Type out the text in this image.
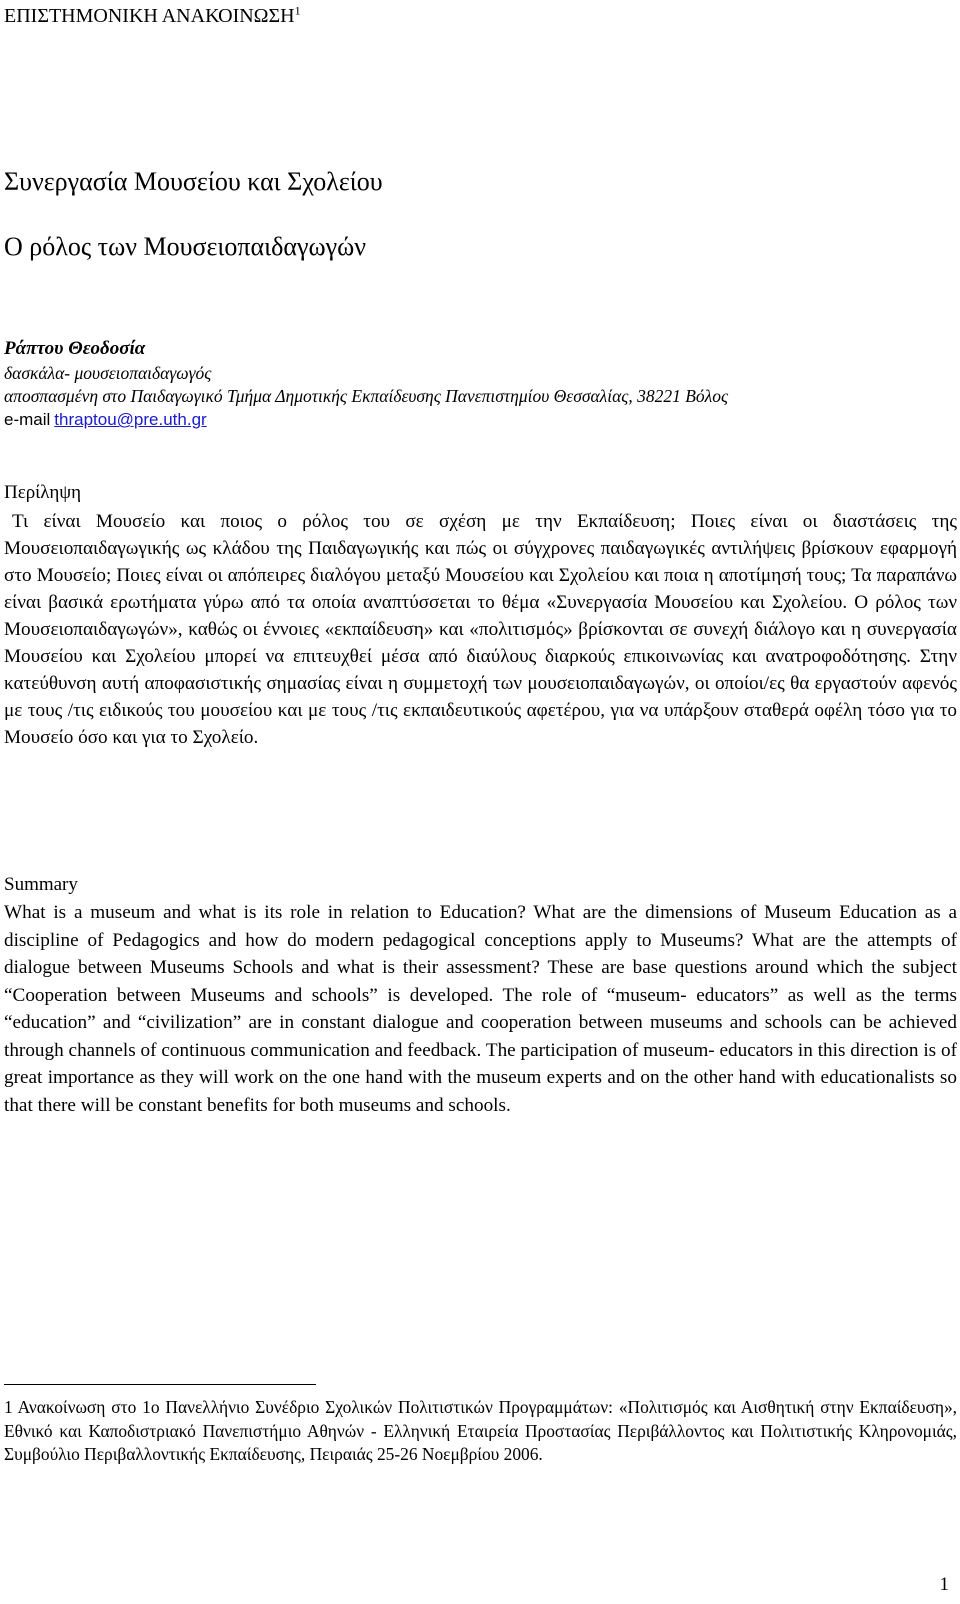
ΕΠΙΣΤΗΜΟΝΙΚΗ ΑΝΑΚΟΙΝΩΣΗ$^1$
Συνεργασία Μουσείου και Σχολείου
Ο ρόλος των Μουσειοπαιδαγωγών
Ράπτου Θεοδοσία
δασκάλα- μουσειοπαιδαγωγός
αποσπασμένη στο Παιδαγωγικό Τμήμα Δημοτικής Εκπαίδευσης Πανεπιστημίου Θεσσαλίας, 38221 Βόλος
e-mail thraptou@pre.uth.gr
Περίληψη
Τι είναι Μουσείο και ποιος ο ρόλος του σε σχέση με την Εκπαίδευση; Ποιες είναι οι διαστάσεις της Μουσειοπαιδαγωγικής ως κλάδου της Παιδαγωγικής και πώς οι σύγχρονες παιδαγωγικές αντιλήψεις βρίσκουν εφαρμογή στο Μουσείο; Ποιες είναι οι απόπειρες διαλόγου μεταξύ Μουσείου και Σχολείου και ποια η αποτίμησή τους; Τα παραπάνω είναι βασικά ερωτήματα γύρω από τα οποία αναπτύσσεται το θέμα «Συνεργασία Μουσείου και Σχολείου. Ο ρόλος των Μουσειοπαιδαγωγών», καθώς οι έννοιες «εκπαίδευση» και «πολιτισμός» βρίσκονται σε συνεχή διάλογο και η συνεργασία Μουσείου και Σχολείου μπορεί να επιτευχθεί μέσα από διαύλους διαρκούς επικοινωνίας και ανατροφοδότησης. Στην κατεύθυνση αυτή αποφασιστικής σημασίας είναι η συμμετοχή των μουσειοπαιδαγωγών, οι οποίοι/ες θα εργαστούν αφενός με τους /τις ειδικούς του μουσείου και με τους /τις εκπαιδευτικούς αφετέρου, για να υπάρξουν σταθερά οφέλη τόσο για το Μουσείο όσο και για το Σχολείο.
Summary
What is a museum and what is its role in relation to Education? What are the dimensions of Museum Education as a discipline of Pedagogics and how do modern pedagogical conceptions apply to Museums? What are the attempts of dialogue between Museums Schools and what is their assessment? These are base questions around which the subject “Cooperation between Museums and schools” is developed. The role of “museum- educators” as well as the terms “education” and “civilization” are in constant dialogue and cooperation between museums and schools can be achieved through channels of continuous communication and feedback. The participation of museum- educators in this direction is of great importance as they will work on the one hand with the museum experts and on the other hand with educationalists so that there will be constant benefits for both museums and schools.
1 Ανακοίνωση στο 1ο Πανελλήνιο Συνέδριο Σχολικών Πολιτιστικών Προγραμμάτων: «Πολιτισμός και Αισθητική στην Εκπαίδευση», Εθνικό και Καποδιστριακό Πανεπιστήμιο Αθηνών - Ελληνική Εταιρεία Προστασίας Περιβάλλοντος και Πολιτιστικής Κληρονομιάς, Συμβούλιο Περιβαλλοντικής Εκπαίδευσης, Πειραιάς 25-26 Νοεμβρίου 2006.
1
